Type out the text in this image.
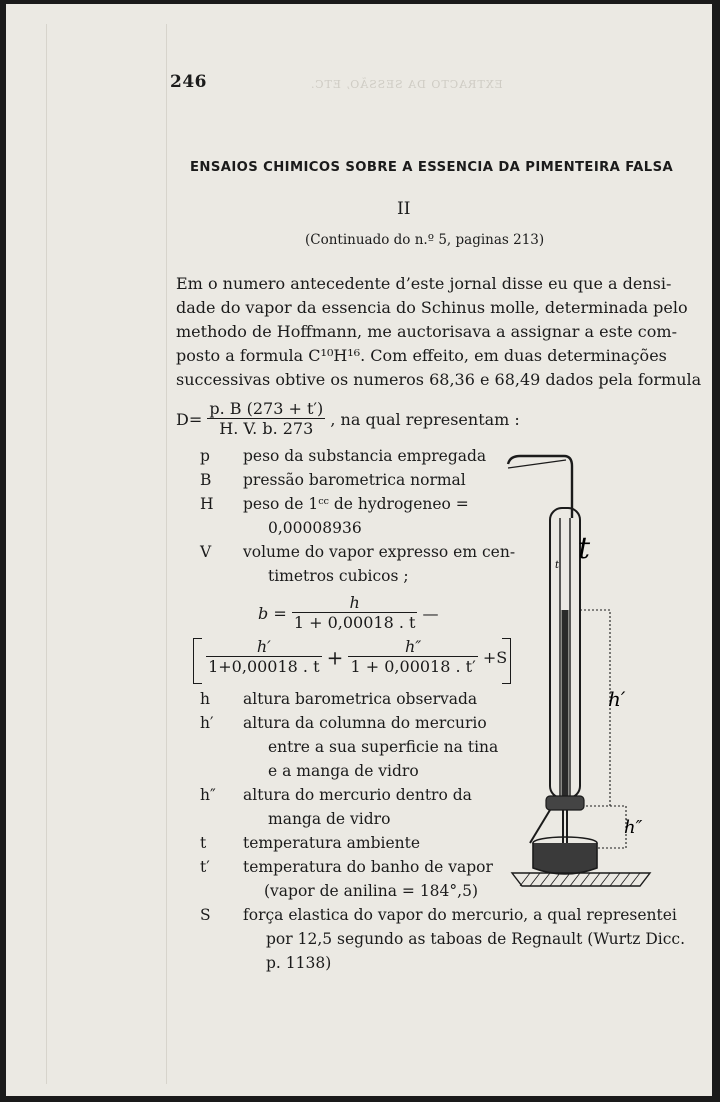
246	EXTRACTO DA SESSÃO, ETC.
ENSAIOS CHIMICOS SOBRE A ESSENCIA DA PIMENTEIRA FALSA
II
(Continuado do n.º 5, paginas 213)
Em o numero antecedente d’este jornal disse eu que a densi-
dade do vapor da essencia do Schinus molle, determinada pelo
methodo de Hoffmann, me auctorisava a assignar a este com-
posto a formula C¹⁰H¹⁶. Com effeito, em duas determinações
successivas obtive os numeros 68,36 e 68,49 dados pela formula
$D= \frac{p. B (273 + t')}{H. V. b. 273}$ , na qual representam :
p	peso da substancia empregada
B	pressão barometrica normal
H	peso de 1ᶜᶜ de hydrogeneo =
0,00008936
V	volume do vapor expresso em cen-
timetros cubicos ;
$b = \frac{h}{1 + 0,00018 . t}$ —

$\frac{h'}{1+0,00018 . t} + \frac{h''}{1 + 0,00018 . t'} +S$
h	altura barometrica observada
h′	altura da columna do mercurio
entre a sua superficie na tina
e a manga de vidro
h″	altura do mercurio dentro da
manga de vidro
t	temperatura ambiente
t′	temperatura do banho de vapor
(vapor de anilina = 184°,5)
S	força elastica do vapor do mercurio, a qual representei
por 12,5 segundo as taboas de Regnault (Wurtz Dicc.
p. 1138)
t t
h′
h″
